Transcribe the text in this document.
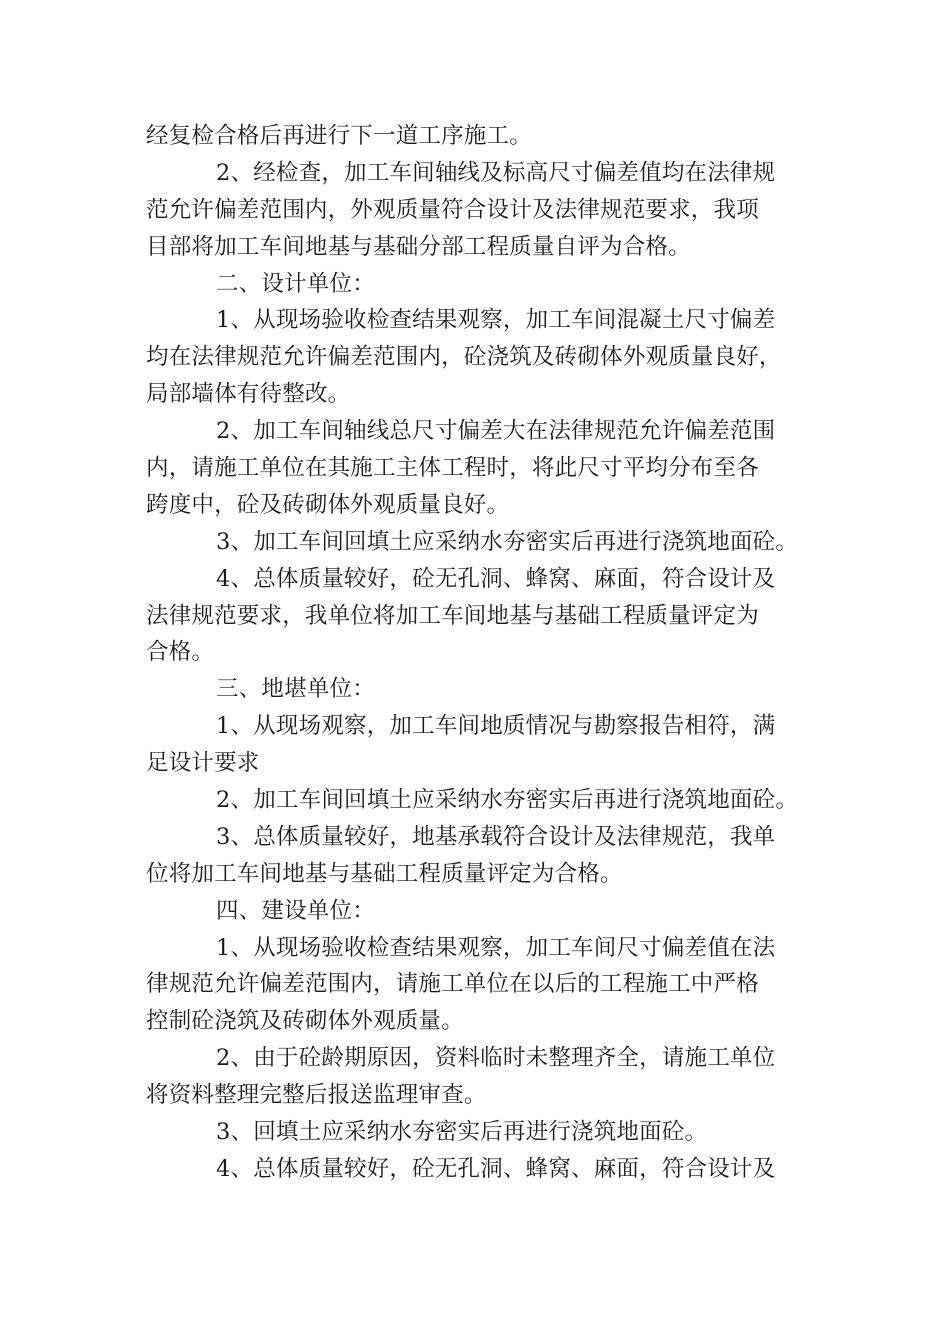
经复检合格后再进行下一道工序施工。

2、经检查，加工车间轴线及标高尺寸偏差值均在法律规

范允许偏差范围内，外观质量符合设计及法律规范要求，我项

目部将加工车间地基与基础分部工程质量自评为合格。

二、设计单位：

1、从现场验收检查结果观察，加工车间混凝土尺寸偏差

均在法律规范允许偏差范围内，砼浇筑及砖砌体外观质量良好，

局部墙体有待整改。

2、加工车间轴线总尺寸偏差大在法律规范允许偏差范围

内，请施工单位在其施工主体工程时，将此尺寸平均分布至各

跨度中，砼及砖砌体外观质量良好。

3、加工车间回填土应采纳水夯密实后再进行浇筑地面砼。

4、总体质量较好，砼无孔洞、蜂窝、麻面，符合设计及

法律规范要求，我单位将加工车间地基与基础工程质量评定为

合格。

三、地堪单位：

1、从现场观察，加工车间地质情况与勘察报告相符，满

足设计要求

2、加工车间回填土应采纳水夯密实后再进行浇筑地面砼。

3、总体质量较好，地基承载符合设计及法律规范，我单

位将加工车间地基与基础工程质量评定为合格。

四、建设单位：

1、从现场验收检查结果观察，加工车间尺寸偏差值在法

律规范允许偏差范围内，请施工单位在以后的工程施工中严格

控制砼浇筑及砖砌体外观质量。

2、由于砼龄期原因，资料临时未整理齐全，请施工单位

将资料整理完整后报送监理审查。

3、回填土应采纳水夯密实后再进行浇筑地面砼。

4、总体质量较好，砼无孔洞、蜂窝、麻面，符合设计及
